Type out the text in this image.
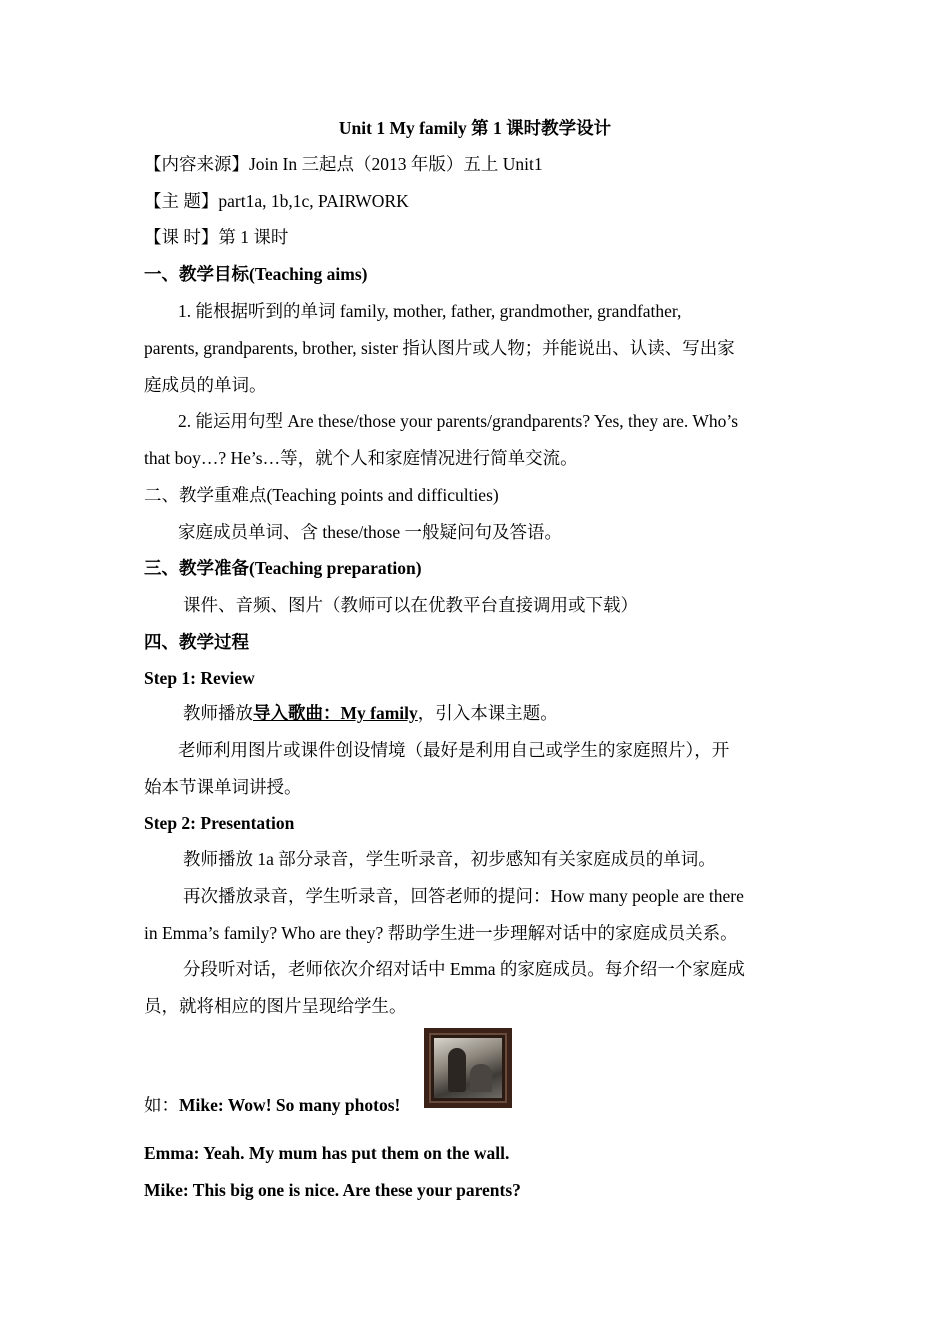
Unit 1 My family 第 1 课时教学设计
【内容来源】Join In 三起点（2013 年版）五上 Unit1
【主 题】part1a, 1b,1c, PAIRWORK
【课 时】第 1 课时
一、教学目标(Teaching aims)
1. 能根据听到的单词 family, mother, father, grandmother, grandfather,
parents, grandparents, brother, sister 指认图片或人物；并能说出、认读、写出家
庭成员的单词。
2. 能运用句型 Are these/those your parents/grandparents? Yes, they are. Who’s
that boy…? He’s…等，就个人和家庭情况进行简单交流。
二、教学重难点(Teaching points and difficulties)
家庭成员单词、含 these/those 一般疑问句及答语。
三、教学准备(Teaching preparation)
课件、音频、图片（教师可以在优教平台直接调用或下载）
四、教学过程
Step 1: Review
教师播放导入歌曲：My family，引入本课主题。
老师利用图片或课件创设情境（最好是利用自己或学生的家庭照片），开
始本节课单词讲授。
Step 2: Presentation
教师播放 1a 部分录音，学生听录音，初步感知有关家庭成员的单词。
再次播放录音，学生听录音，回答老师的提问：How many people are there
in Emma’s family? Who are they? 帮助学生进一步理解对话中的家庭成员关系。
分段听对话，老师依次介绍对话中 Emma 的家庭成员。每介绍一个家庭成
员，就将相应的图片呈现给学生。
如：Mike: Wow! So many photos!
Emma: Yeah. My mum has put them on the wall.
Mike: This big one is nice. Are these your parents?
